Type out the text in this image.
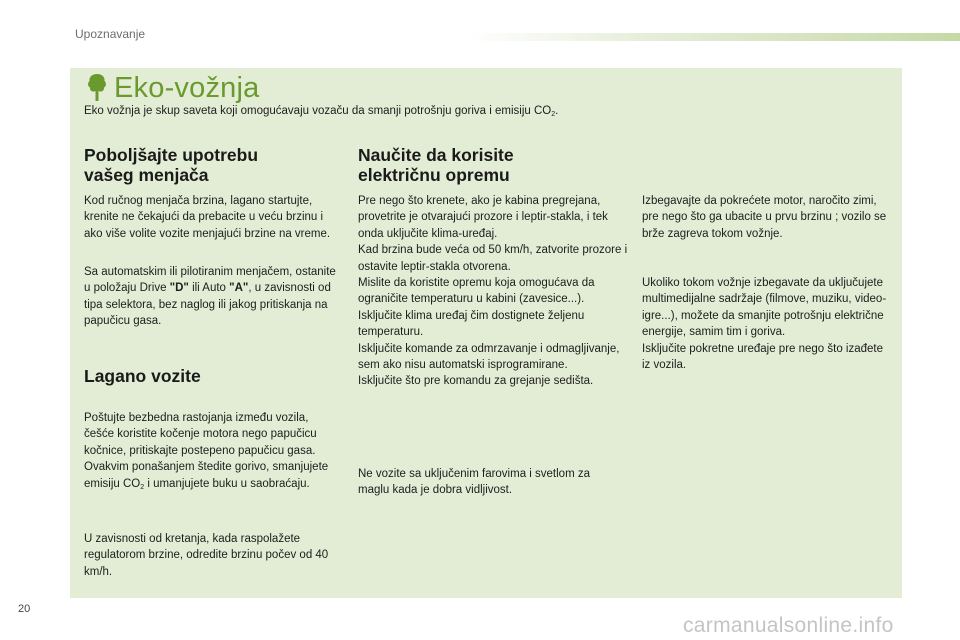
Upoznavanje
Eko-vožnja
Eko vožnja je skup saveta koji omogućavaju vozaču da smanji potrošnju goriva i emisiju $CO_2$.
Poboljšajte upotrebu
vašeg menjača

Kod ručnog menjača brzina, lagano startujte, krenite ne čekajući da prebacite u veću brzinu i ako više volite vozite menjajući brzine na vreme.

Sa automatskim ili pilotiranim menjačem, ostanite u položaju Drive "D" ili Auto "A", u zavisnosti od tipa selektora, bez naglog ili jakog pritiskanja na papučicu gasa.

Lagano vozite

Poštujte bezbedna rastojanja između vozila, češće koristite kočenje motora nego papučicu kočnice, pritiskajte postepeno papučicu gasa. Ovakvim ponašanjem štedite gorivo, smanjujete emisiju $CO_2$ i umanjujete buku u saobraćaju.

U zavisnosti od kretanja, kada raspolažete regulatorom brzine, odredite brzinu počev od 40 km/h.

Naučite da korisite
električnu opremu

Pre nego što krenete, ako je kabina pregrejana, provetrite je otvarajući prozore i leptir-stakla, i tek onda uključite klima-uređaj.

Kad brzina bude veća od 50 km/h, zatvorite prozore i ostavite leptir-stakla otvorena.

Mislite da koristite opremu koja omogućava da ograničite temperaturu u kabini (zavesice...).

Isključite klima uređaj čim dostignete željenu temperaturu.

Isključite komande za odmrzavanje i odmagljivanje, sem ako nisu automatski isprogramirane.

Isključite što pre komandu za grejanje sedišta.

Ne vozite sa uključenim farovima i svetlom za maglu kada je dobra vidljivost.

Izbegavajte da pokrećete motor, naročito zimi, pre nego što ga ubacite u prvu brzinu ; vozilo se brže zagreva tokom vožnje.

Ukoliko tokom vožnje izbegavate da uključujete multimedijalne sadržaje (filmove, muziku, video-igre...), možete da smanjite potrošnju električne energije, samim tim i goriva.

Isključite pokretne uređaje pre nego što izađete iz vozila.

20
carmanualsonline.info
